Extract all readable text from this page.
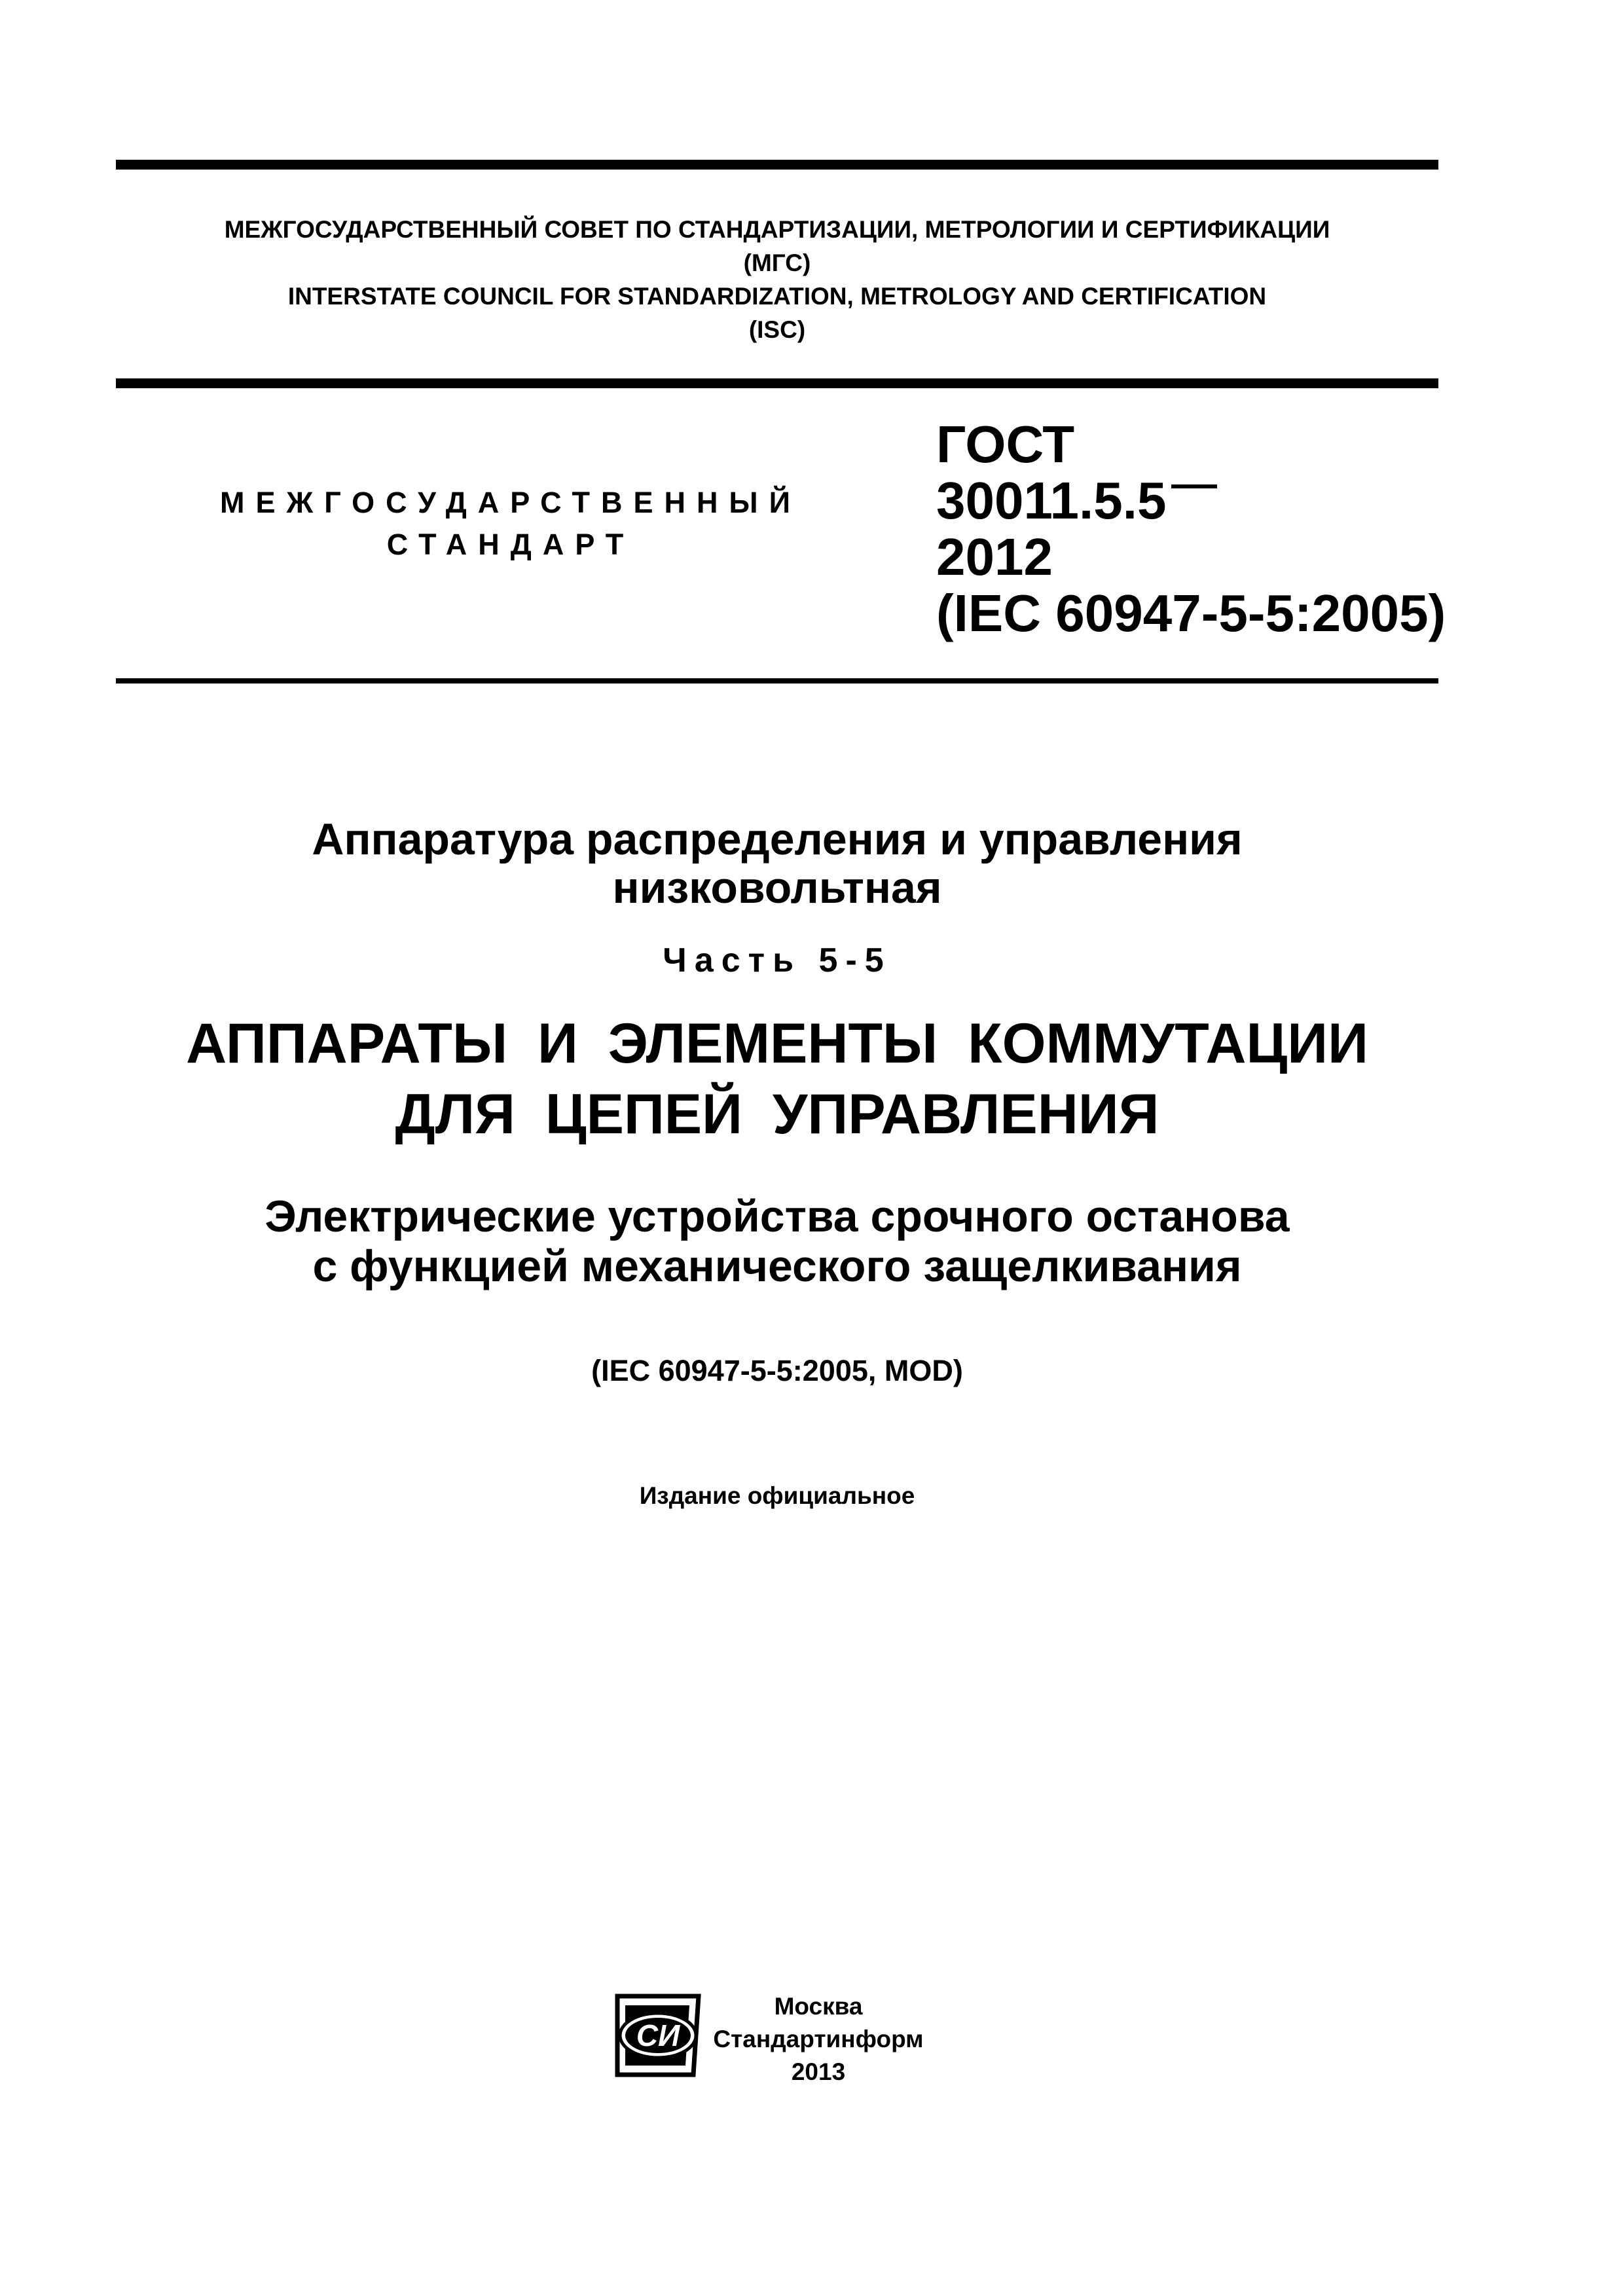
МЕЖГОСУДАРСТВЕННЫЙ СОВЕТ ПО СТАНДАРТИЗАЦИИ, МЕТРОЛОГИИ И СЕРТИФИКАЦИИ
(МГС)
INTERSTATE COUNCIL FOR STANDARDIZATION, METROLOGY AND CERTIFICATION
(ISC)
МЕЖГОСУДАРСТВЕННЫЙ
СТАНДАРТ
ГОСТ
30011.5.5
2012
(IEC 60947-5-5:2005)
Аппаратура распределения и управления
низковольтная
Часть 5-5
АППАРАТЫ И ЭЛЕМЕНТЫ КОММУТАЦИИ
ДЛЯ ЦЕПЕЙ УПРАВЛЕНИЯ
Электрические устройства срочного останова
с функцией механического защелкивания
(IEC 60947-5-5:2005, MOD)
Издание официальное
СИ
Москва
Стандартинформ
2013
